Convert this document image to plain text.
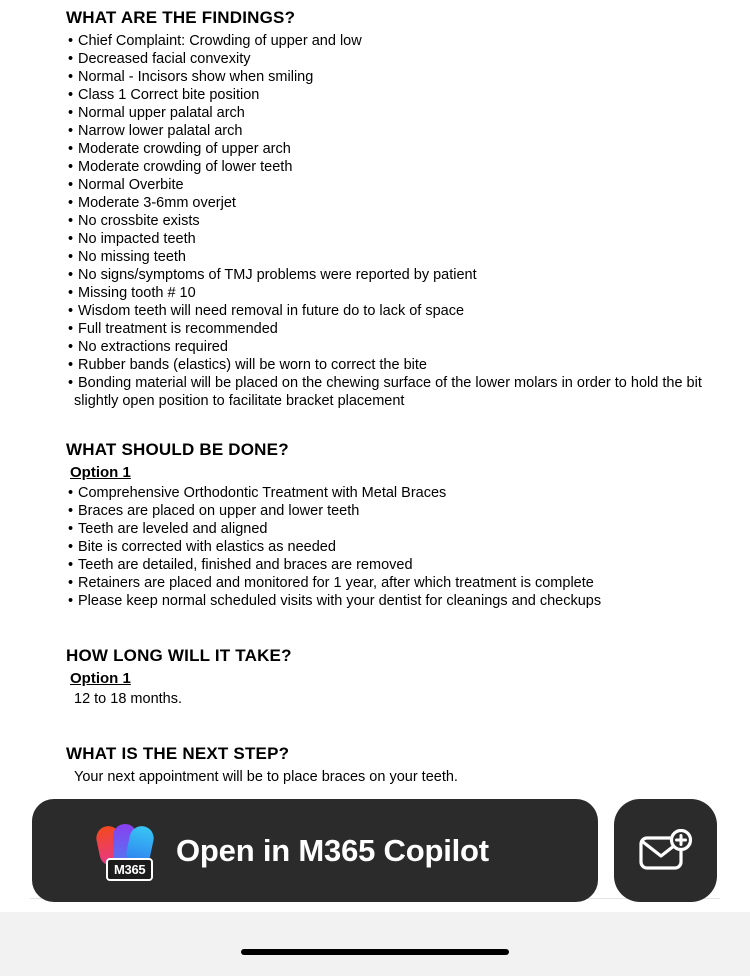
WHAT ARE THE FINDINGS?
• Chief Complaint: Crowding of upper and low
• Decreased facial convexity
• Normal - Incisors show when smiling
• Class 1 Correct bite position
• Normal upper palatal arch
• Narrow lower palatal arch
• Moderate crowding of upper arch
• Moderate crowding of lower teeth
• Normal Overbite
• Moderate 3-6mm overjet
• No crossbite exists
• No impacted teeth
• No missing teeth
• No signs/symptoms of TMJ problems were reported by patient
• Missing tooth # 10
• Wisdom teeth will need removal in future do to lack of space
• Full treatment is recommended
• No extractions required
• Rubber bands (elastics) will be worn to correct the bite
• Bonding material will be placed on the chewing surface of the lower molars in order to hold the bit
slightly open position to facilitate bracket placement
WHAT SHOULD BE DONE?
Option 1
• Comprehensive Orthodontic Treatment with Metal Braces
• Braces are placed on upper and lower teeth
• Teeth are leveled and aligned
• Bite is corrected with elastics as needed
• Teeth are detailed, finished and braces are removed
• Retainers are placed and monitored for 1 year, after which treatment is complete
• Please keep normal scheduled visits with your dentist for cleanings and checkups
HOW LONG WILL IT TAKE?
Option 1
12 to 18 months.
WHAT IS THE NEXT STEP?
Your next appointment will be to place braces on your teeth.
M365
Open in M365 Copilot
